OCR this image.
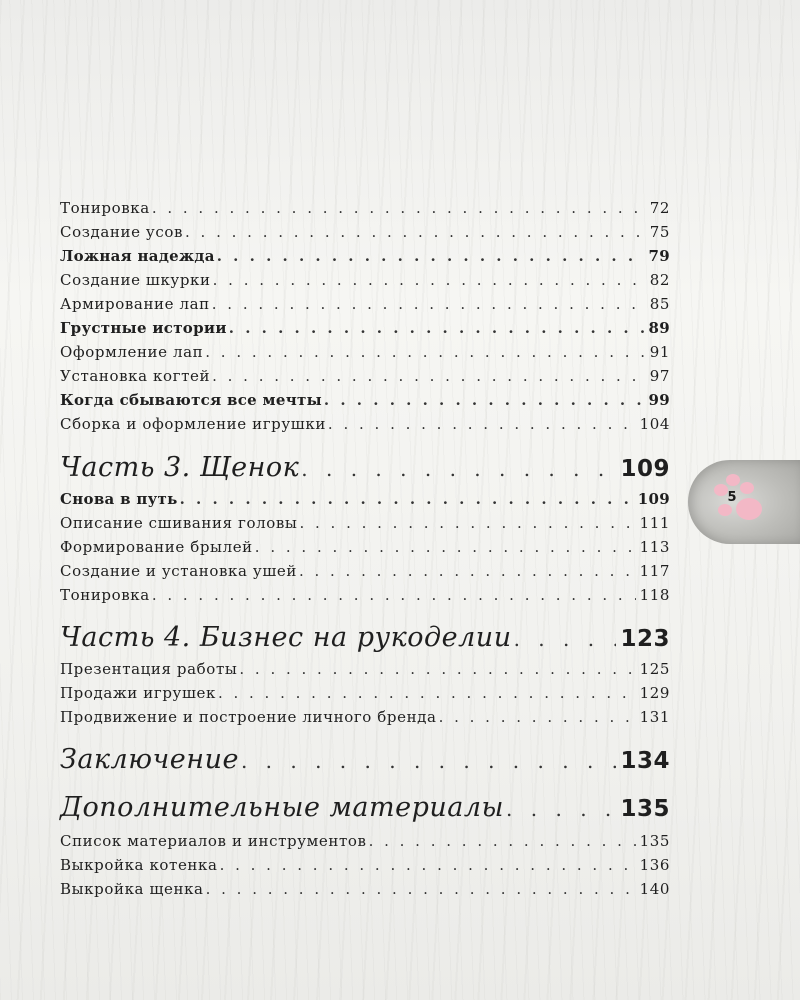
Тонировка . . .	72
Создание усов . . .	75
Ложная надежда . . .	79
Создание шкурки . . .	82
Армирование лап . . .	85
Грустные истории . . .	89
Оформление лап . . .	91
Установка когтей . . .	97
Когда сбываются все мечты . . .	99
Сборка и оформление игрушки . . .	104
Часть 3. Щенок . . .	109
Снова в путь . . .	109
Описание сшивания головы . . .	111
Формирование брылей . . .	113
Создание и установка ушей . . .	117
Тонировка . . .	118
Часть 4. Бизнес на рукоделии . . .	123
Презентация работы . . .	125
Продажи игрушек . . .	129
Продвижение и построение личного бренда . . .	131
Заключение . . .	134
Дополнительные материалы . . .	135
Список материалов и инструментов . . .	135
Выкройка котенка . . .	136
Выкройка щенка . . .	140
5
